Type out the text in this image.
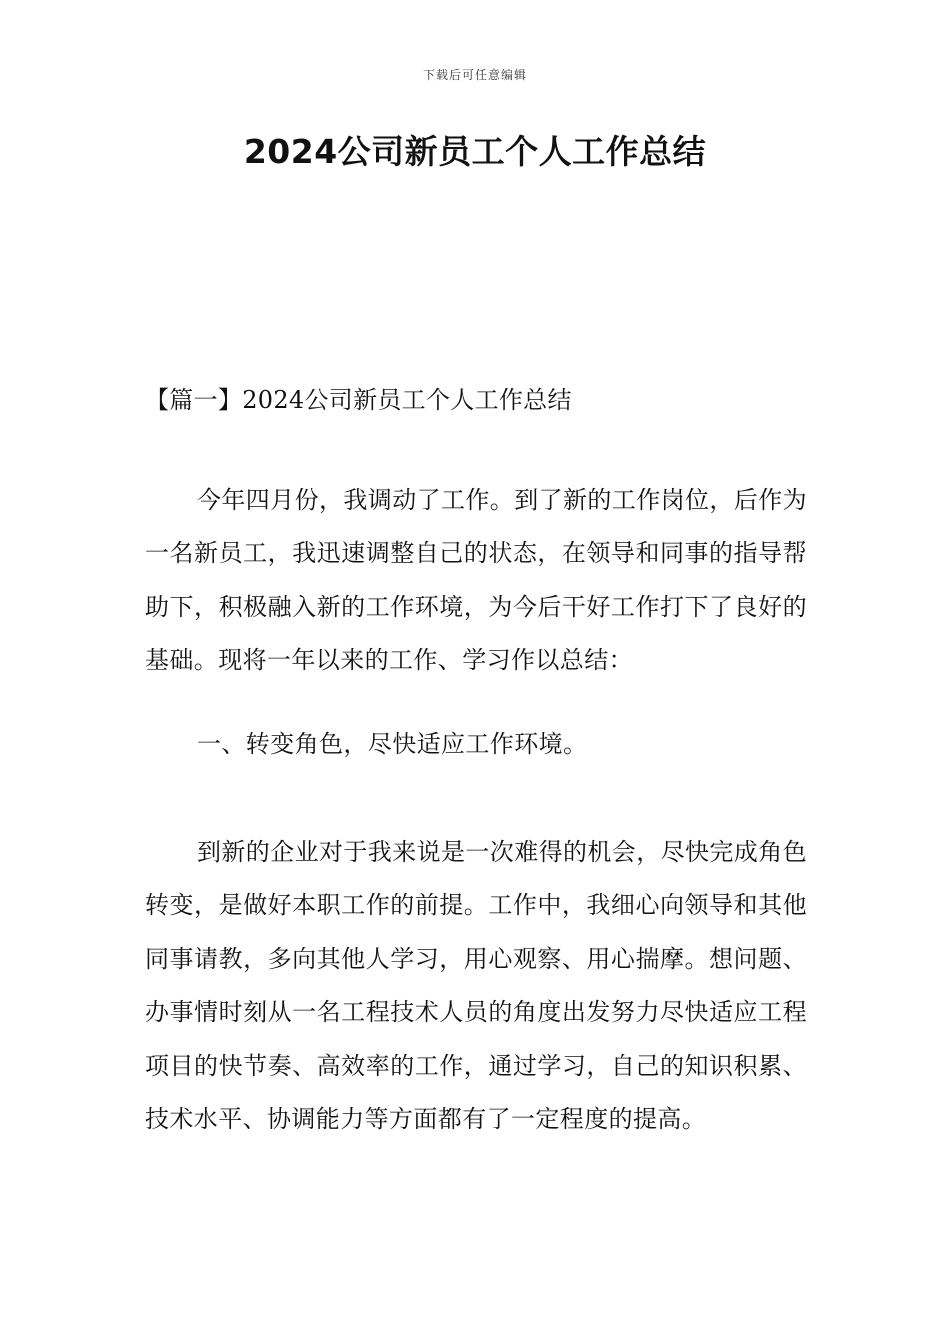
下载后可任意编辑
2024公司新员工个人工作总结
【篇一】2024公司新员工个人工作总结

今年四月份，我调动了工作。到了新的工作岗位，后作为一名新员工，我迅速调整自己的状态，在领导和同事的指导帮助下，积极融入新的工作环境，为今后干好工作打下了良好的基础。现将一年以来的工作、学习作以总结：

一、转变角色，尽快适应工作环境。

到新的企业对于我来说是一次难得的机会，尽快完成角色转变，是做好本职工作的前提。工作中，我细心向领导和其他同事请教，多向其他人学习，用心观察、用心揣摩。想问题、办事情时刻从一名工程技术人员的角度出发努力尽快适应工程项目的快节奏、高效率的工作，通过学习，自己的知识积累、技术水平、协调能力等方面都有了一定程度的提高。
